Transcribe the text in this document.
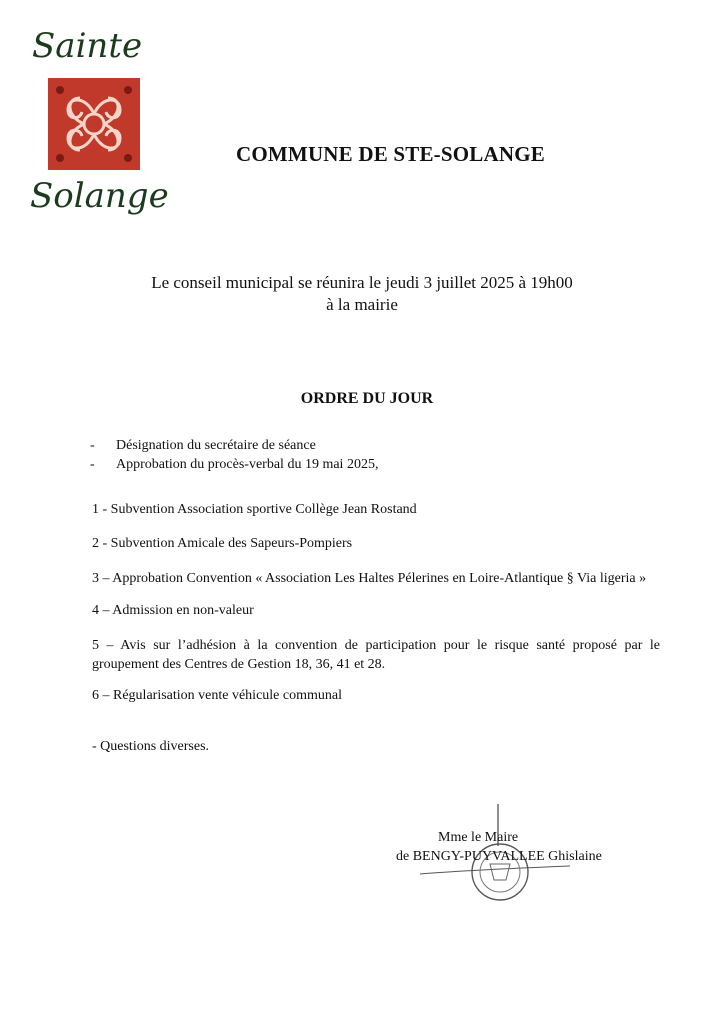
Sainte
Solange
COMMUNE DE STE-SOLANGE
Le conseil municipal se réunira le jeudi 3 juillet 2025 à 19h00
à la mairie
ORDRE DU JOUR
-	Désignation du secrétaire de séance
-	Approbation du procès-verbal du 19 mai 2025,
1 - Subvention Association sportive Collège Jean Rostand
2 - Subvention Amicale des Sapeurs-Pompiers
3 – Approbation Convention « Association Les Haltes Pélerines en Loire-Atlantique § Via ligeria »
4 – Admission en non-valeur
5 – Avis sur l’adhésion à la convention de participation pour le risque santé proposé par le groupement des Centres de Gestion 18, 36, 41 et 28.
6 – Régularisation vente véhicule communal
- Questions diverses.
Mme le Maire
de BENGY-PUYVALLEE Ghislaine
